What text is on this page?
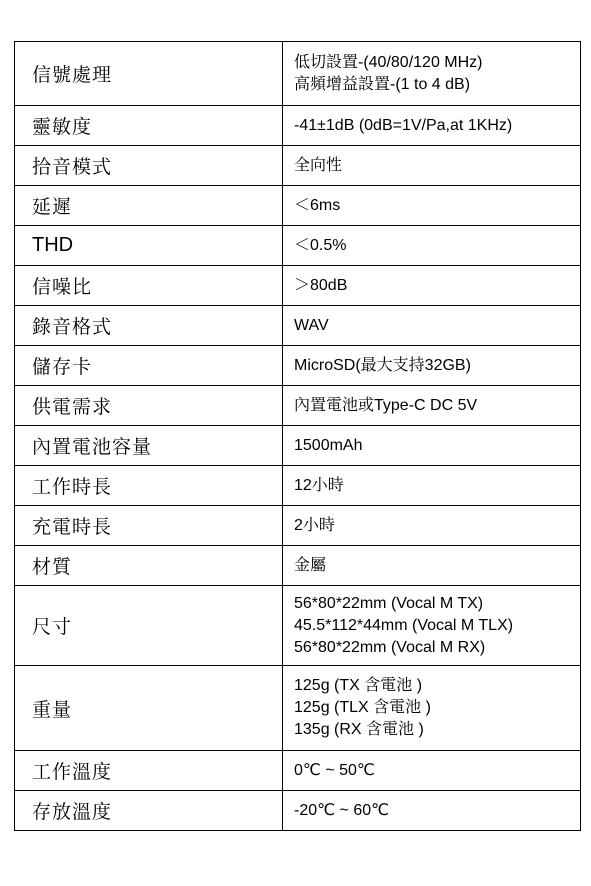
信號處理	低切設置-(40/80/120 MHz)
高頻增益設置-(1 to 4 dB)

靈敏度	-41±1dB (0dB=1V/Pa,at 1KHz)

拾音模式	全向性

延遲	＜6ms

THD	＜0.5%

信噪比	＞80dB

錄音格式	WAV

儲存卡	MicroSD(最大支持32GB)

供電需求	內置電池或Type-C DC 5V

內置電池容量	1500mAh

工作時長	12小時

充電時長	2小時

材質	金屬

尺寸	56*80*22mm (Vocal M TX)
45.5*112*44mm (Vocal M TLX)
56*80*22mm (Vocal M RX)

重量	125g (TX 含電池 )
125g (TLX 含電池 )
135g (RX 含電池 )

工作溫度	0℃ ~ 50℃

存放溫度	-20℃ ~ 60℃
